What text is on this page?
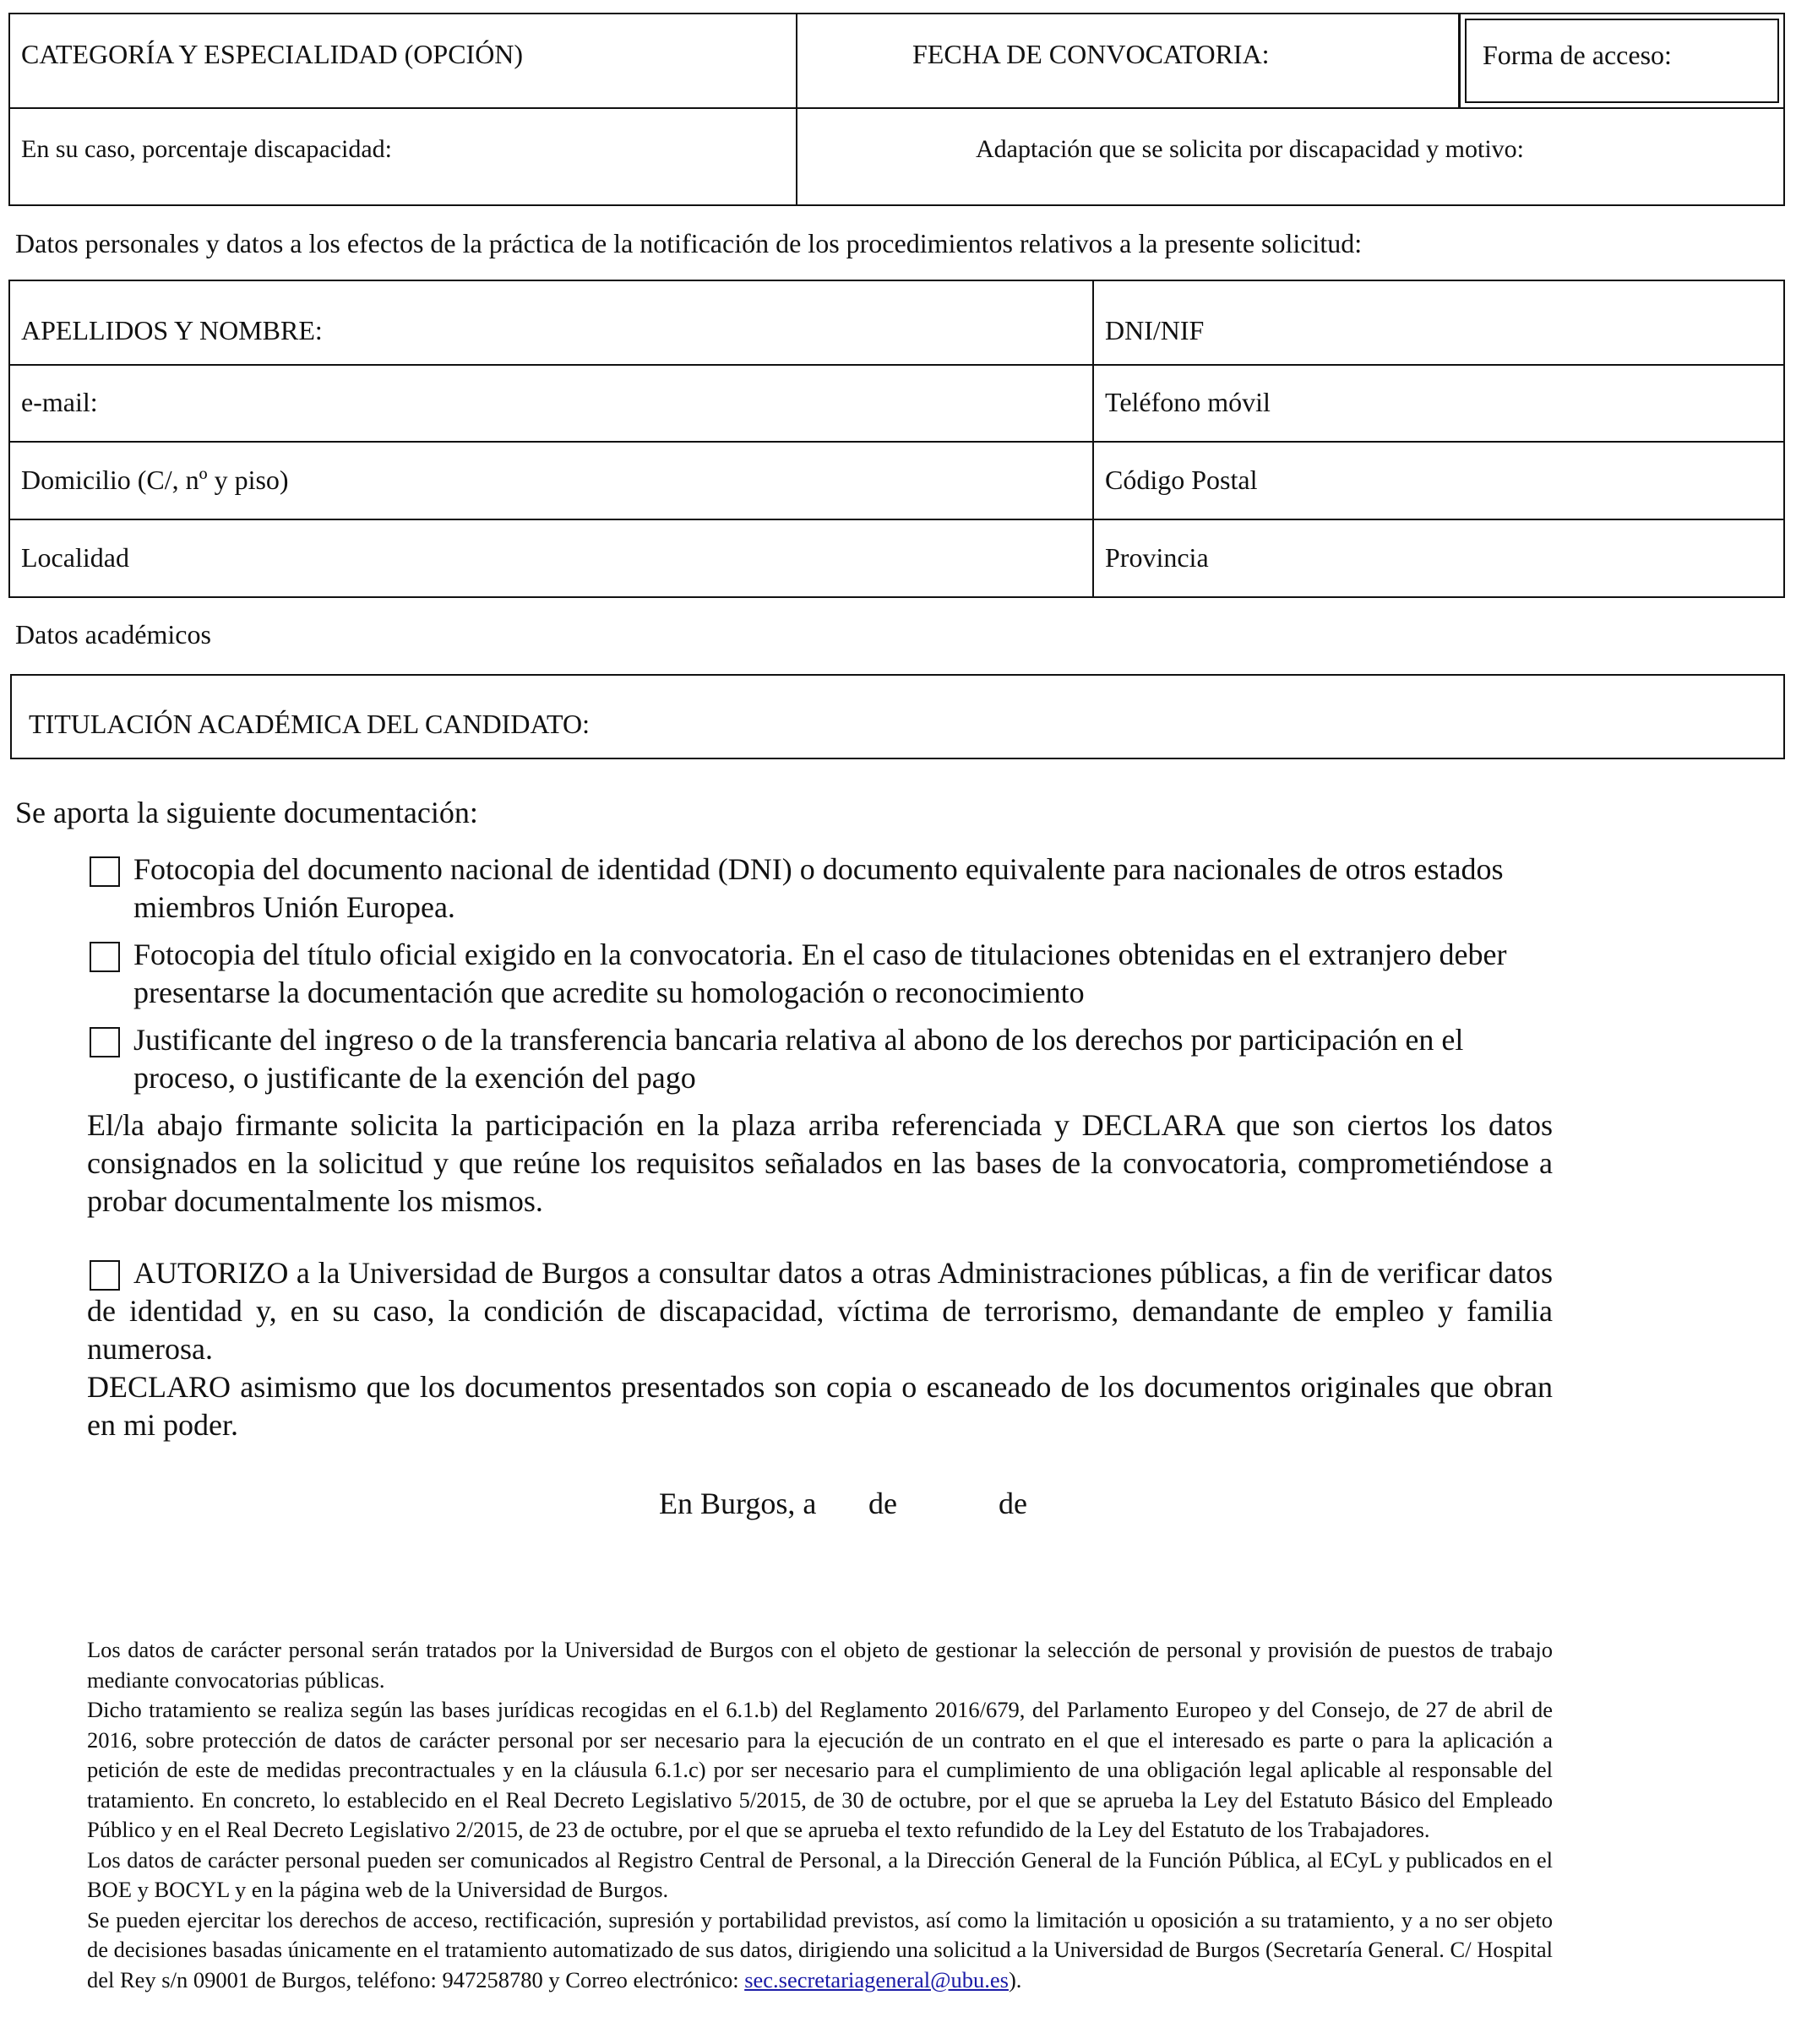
CATEGORÍA Y ESPECIALIDAD (OPCIÓN)	FECHA DE CONVOCATORIA:	Forma de acceso:
En su caso, porcentaje discapacidad:	Adaptación que se solicita por discapacidad y motivo:
Datos personales y datos a los efectos de la práctica de la notificación de los procedimientos relativos a la presente solicitud:
APELLIDOS Y NOMBRE:	DNI/NIF
e-mail:	Teléfono móvil
Domicilio (C/, nº y piso)	Código Postal
Localidad	Provincia
Datos académicos
TITULACIÓN ACADÉMICA DEL CANDIDATO:
Se aporta la siguiente documentación:
Fotocopia del documento nacional de identidad (DNI) o documento equivalente para nacionales de otros estados
miembros Unión Europea.
Fotocopia del título oficial exigido en la convocatoria. En el caso de titulaciones obtenidas en el extranjero deber
presentarse la documentación que acredite su homologación o reconocimiento
Justificante del ingreso o de la transferencia bancaria relativa al abono de los derechos por participación en el
proceso, o justificante de la exención del pago
El/la abajo firmante solicita la participación en la plaza arriba referenciada y DECLARA que son ciertos los datos consignados en la solicitud y que reúne los requisitos señalados en las bases de la convocatoria, comprometiéndose a probar documentalmente los mismos.
AUTORIZO a la Universidad de Burgos a consultar datos a otras Administraciones públicas, a fin de verificar datos de identidad y, en su caso, la condición de discapacidad, víctima de terrorismo, demandante de empleo y familia numerosa.
DECLARO asimismo que los documentos presentados son copia o escaneado de los documentos originales que obran en mi poder.
En Burgos, a de	de

Los datos de carácter personal serán tratados por la Universidad de Burgos con el objeto de gestionar la selección de personal y provisión de puestos de trabajo mediante convocatorias públicas.

Dicho tratamiento se realiza según las bases jurídicas recogidas en el 6.1.b) del Reglamento 2016/679, del Parlamento Europeo y del Consejo, de 27 de abril de 2016, sobre protección de datos de carácter personal por ser necesario para la ejecución de un contrato en el que el interesado es parte o para la aplicación a petición de este de medidas precontractuales y en la cláusula 6.1.c) por ser necesario para el cumplimiento de una obligación legal aplicable al responsable del tratamiento. En concreto, lo establecido en el Real Decreto Legislativo 5/2015, de 30 de octubre, por el que se aprueba la Ley del Estatuto Básico del Empleado Público y en el Real Decreto Legislativo 2/2015, de 23 de octubre, por el que se aprueba el texto refundido de la Ley del Estatuto de los Trabajadores.

Los datos de carácter personal pueden ser comunicados al Registro Central de Personal, a la Dirección General de la Función Pública, al ECyL y publicados en el BOE y BOCYL y en la página web de la Universidad de Burgos.

Se pueden ejercitar los derechos de acceso, rectificación, supresión y portabilidad previstos, así como la limitación u oposición a su tratamiento, y a no ser objeto de decisiones basadas únicamente en el tratamiento automatizado de sus datos, dirigiendo una solicitud a la Universidad de Burgos (Secretaría General. C/ Hospital del Rey s/n 09001 de Burgos, teléfono: 947258780 y Correo electrónico: sec.secretariageneral@ubu.es).
